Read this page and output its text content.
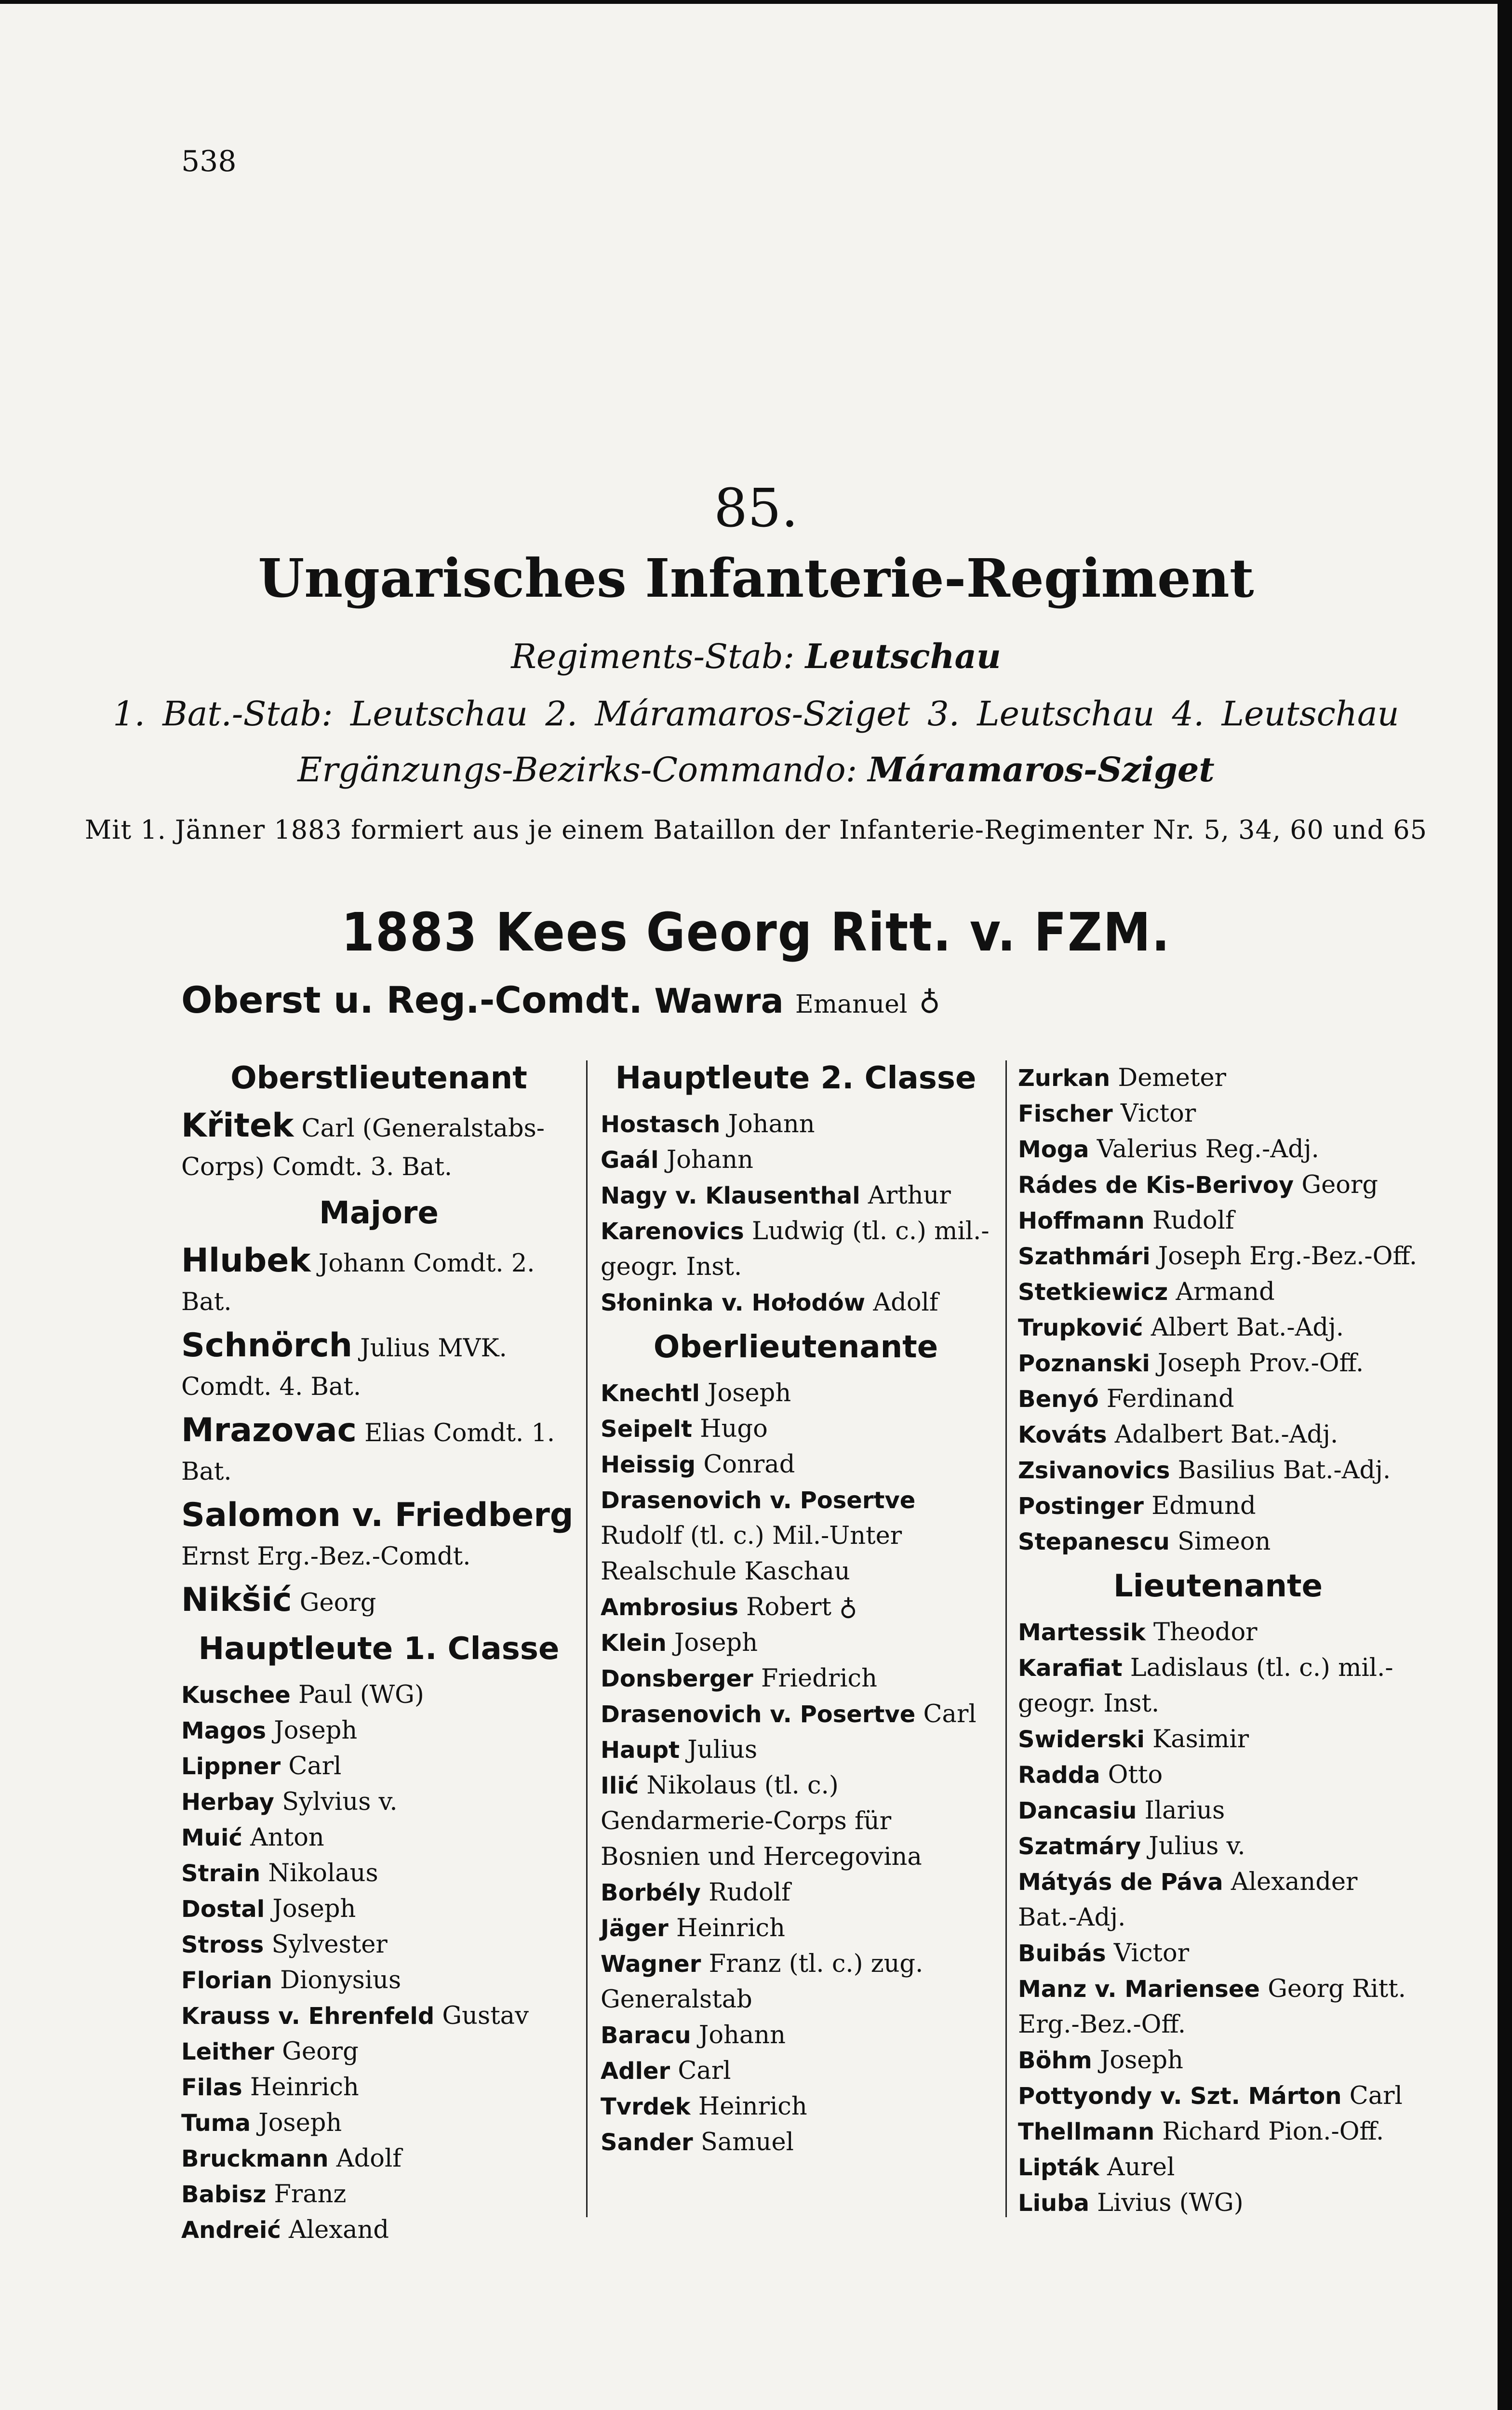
538
85.
Ungarisches Infanterie-Regiment
Regiments-Stab: Leutschau
1. Bat.-Stab: Leutschau 2. Máramaros-Sziget 3. Leutschau 4. Leutschau
Ergänzungs-Bezirks-Commando: Máramaros-Sziget
Mit 1. Jänner 1883 formiert aus je einem Bataillon der Infanterie-Regimenter Nr. 5, 34, 60 und 65
1883 Kees Georg Ritt. v. FZM.
Oberst u. Reg.-Comdt. Wawra Emanuel ♁
Oberstlieutenant
Křitek Carl (Generalstabs-Corps) Comdt. 3. Bat.
Majore
Hlubek Johann Comdt. 2. Bat.
Schnörch Julius MVK. Comdt. 4. Bat.
Mrazovac Elias Comdt. 1. Bat.
Salomon v. Friedberg Ernst Erg.-Bez.-Comdt.
Nikšić Georg
Hauptleute 1. Classe
Kuschee Paul (WG)
Magos Joseph
Lippner Carl
Herbay Sylvius v.
Muić Anton
Strain Nikolaus
Dostal Joseph
Stross Sylvester
Florian Dionysius
Krauss v. Ehrenfeld Gustav
Leither Georg
Filas Heinrich
Tuma Joseph
Bruckmann Adolf
Babisz Franz
Andreić Alexand
Hauptleute 2. Classe
Hostasch Johann
Gaál Johann
Nagy v. Klausenthal Arthur
Karenovics Ludwig (tl. c.) mil.-geogr. Inst.
Słoninka v. Hołodów Adolf
Oberlieutenante
Knechtl Joseph
Seipelt Hugo
Heissig Conrad
Drasenovich v. Posertve Rudolf (tl. c.) Mil.-Unter Realschule Kaschau
Ambrosius Robert ♁
Klein Joseph
Donsberger Friedrich
Drasenovich v. Posertve Carl
Haupt Julius
Ilić Nikolaus (tl. c.) Gendarmerie-Corps für Bosnien und Hercegovina
Borbély Rudolf
Jäger Heinrich
Wagner Franz (tl. c.) zug. Generalstab
Baracu Johann
Adler Carl
Tvrdek Heinrich
Sander Samuel
Zurkan Demeter
Fischer Victor
Moga Valerius Reg.-Adj.
Rádes de Kis-Berivoy Georg
Hoffmann Rudolf
Szathmári Joseph Erg.-Bez.-Off.
Stetkiewicz Armand
Trupković Albert Bat.-Adj.
Poznanski Joseph Prov.-Off.
Benyó Ferdinand
Kováts Adalbert Bat.-Adj.
Zsivanovics Basilius Bat.-Adj.
Postinger Edmund
Stepanescu Simeon
Lieutenante
Martessik Theodor
Karafiat Ladislaus (tl. c.) mil.-geogr. Inst.
Swiderski Kasimir
Radda Otto
Dancasiu Ilarius
Szatmáry Julius v.
Mátyás de Páva Alexander Bat.-Adj.
Buibás Victor
Manz v. Mariensee Georg Ritt. Erg.-Bez.-Off.
Böhm Joseph
Pottyondy v. Szt. Márton Carl
Thellmann Richard Pion.-Off.
Lipták Aurel
Liuba Livius (WG)
